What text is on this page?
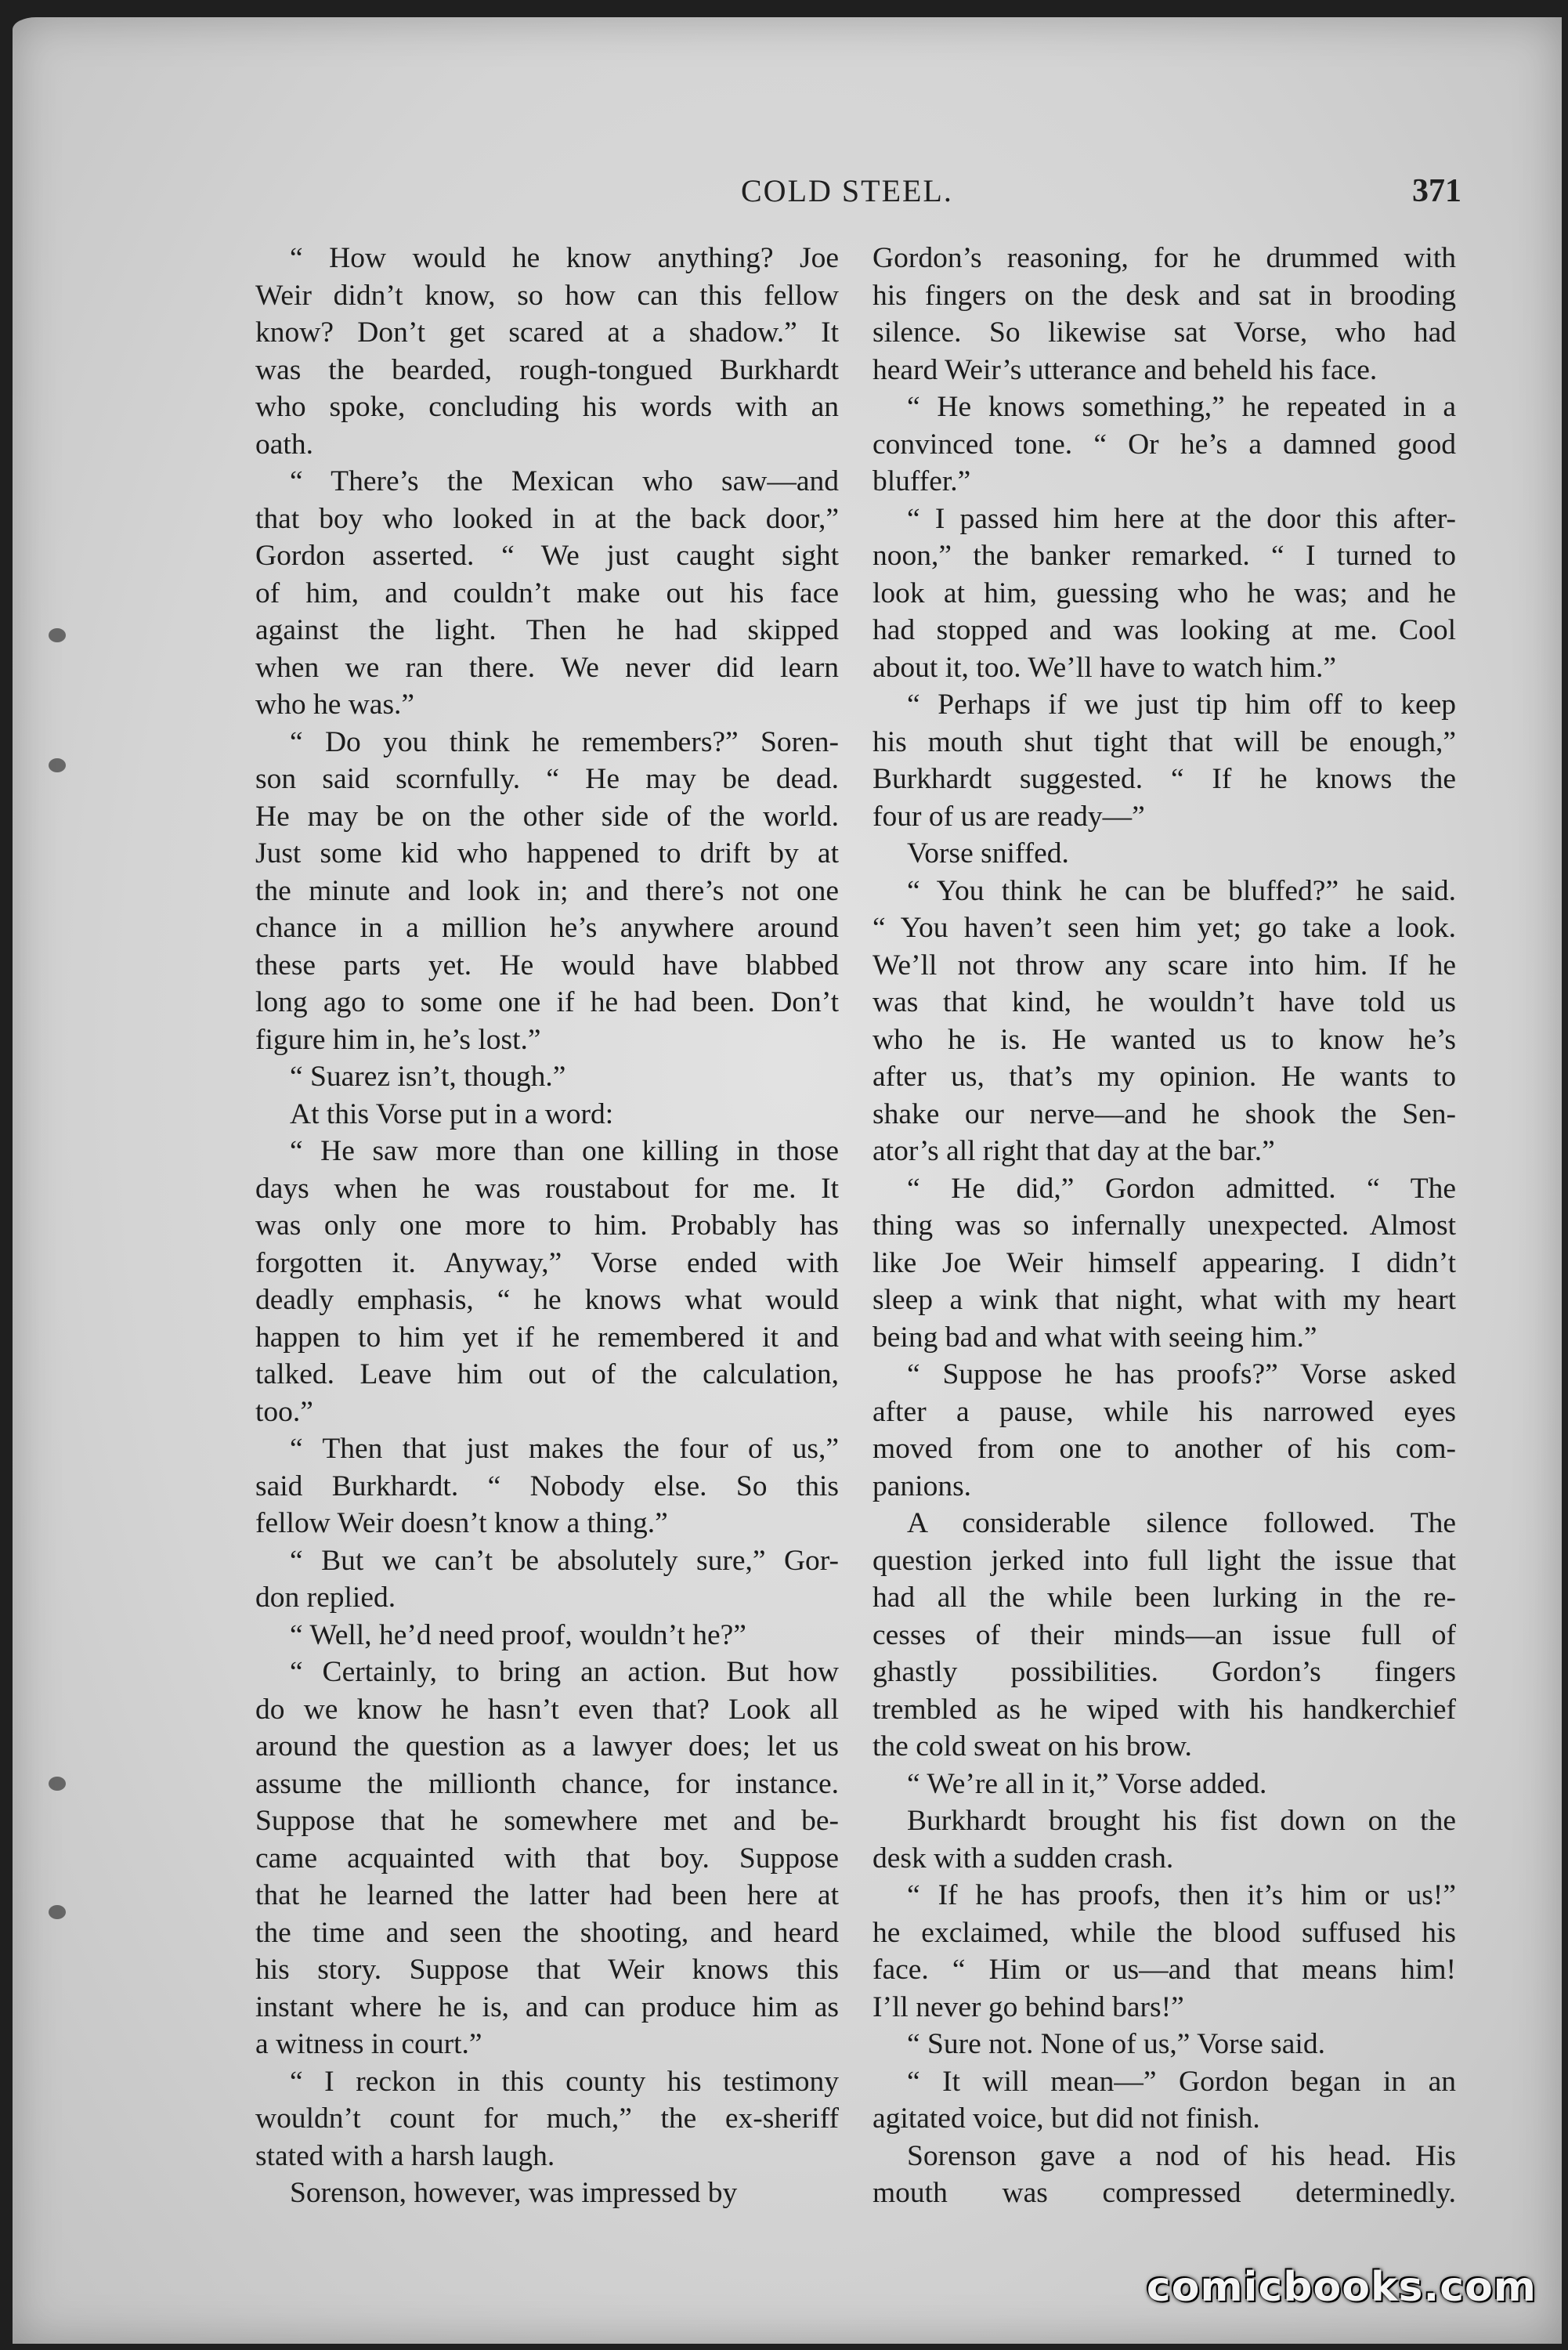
COLD STEEL.	371

“ How would he know anything? Joe

Weir didn’t know, so how can this fellow

know? Don’t get scared at a shadow.” It

was the bearded, rough-tongued Burkhardt

who spoke, concluding his words with an

oath.

“ There’s the Mexican who saw—and

that boy who looked in at the back door,”

Gordon asserted. “ We just caught sight

of him, and couldn’t make out his face

against the light. Then he had skipped

when we ran there. We never did learn

who he was.”

“ Do you think he remembers?” Soren-

son said scornfully. “ He may be dead.

He may be on the other side of the world.

Just some kid who happened to drift by at

the minute and look in; and there’s not one

chance in a million he’s anywhere around

these parts yet. He would have blabbed

long ago to some one if he had been. Don’t

figure him in, he’s lost.”

“ Suarez isn’t, though.”

At this Vorse put in a word:

“ He saw more than one killing in those

days when he was roustabout for me. It

was only one more to him. Probably has

forgotten it. Anyway,” Vorse ended with

deadly emphasis, “ he knows what would

happen to him yet if he remembered it and

talked. Leave him out of the calculation,

too.”

“ Then that just makes the four of us,”

said Burkhardt. “ Nobody else. So this

fellow Weir doesn’t know a thing.”

“ But we can’t be absolutely sure,” Gor-

don replied.

“ Well, he’d need proof, wouldn’t he?”

“ Certainly, to bring an action. But how

do we know he hasn’t even that? Look all

around the question as a lawyer does; let us

assume the millionth chance, for instance.

Suppose that he somewhere met and be-

came acquainted with that boy. Suppose

that he learned the latter had been here at

the time and seen the shooting, and heard

his story. Suppose that Weir knows this

instant where he is, and can produce him as

a witness in court.”

“ I reckon in this county his testimony

wouldn’t count for much,” the ex-sheriff

stated with a harsh laugh.

Sorenson, however, was impressed by

Gordon’s reasoning, for he drummed with

his fingers on the desk and sat in brooding

silence. So likewise sat Vorse, who had

heard Weir’s utterance and beheld his face.

“ He knows something,” he repeated in a

convinced tone. “ Or he’s a damned good

bluffer.”

“ I passed him here at the door this after-

noon,” the banker remarked. “ I turned to

look at him, guessing who he was; and he

had stopped and was looking at me. Cool

about it, too. We’ll have to watch him.”

“ Perhaps if we just tip him off to keep

his mouth shut tight that will be enough,”

Burkhardt suggested. “ If he knows the

four of us are ready—”

Vorse sniffed.

“ You think he can be bluffed?” he said.

“ You haven’t seen him yet; go take a look.

We’ll not throw any scare into him. If he

was that kind, he wouldn’t have told us

who he is. He wanted us to know he’s

after us, that’s my opinion. He wants to

shake our nerve—and he shook the Sen-

ator’s all right that day at the bar.”

“ He did,” Gordon admitted. “ The

thing was so infernally unexpected. Almost

like Joe Weir himself appearing. I didn’t

sleep a wink that night, what with my heart

being bad and what with seeing him.”

“ Suppose he has proofs?” Vorse asked

after a pause, while his narrowed eyes

moved from one to another of his com-

panions.

A considerable silence followed. The

question jerked into full light the issue that

had all the while been lurking in the re-

cesses of their minds—an issue full of

ghastly possibilities. Gordon’s fingers

trembled as he wiped with his handkerchief

the cold sweat on his brow.

“ We’re all in it,” Vorse added.

Burkhardt brought his fist down on the

desk with a sudden crash.

“ If he has proofs, then it’s him or us!”

he exclaimed, while the blood suffused his

face. “ Him or us—and that means him!

I’ll never go behind bars!”

“ Sure not. None of us,” Vorse said.

“ It will mean—” Gordon began in an

agitated voice, but did not finish.

Sorenson gave a nod of his head. His

mouth was compressed determinedly.

comicbooks.com
